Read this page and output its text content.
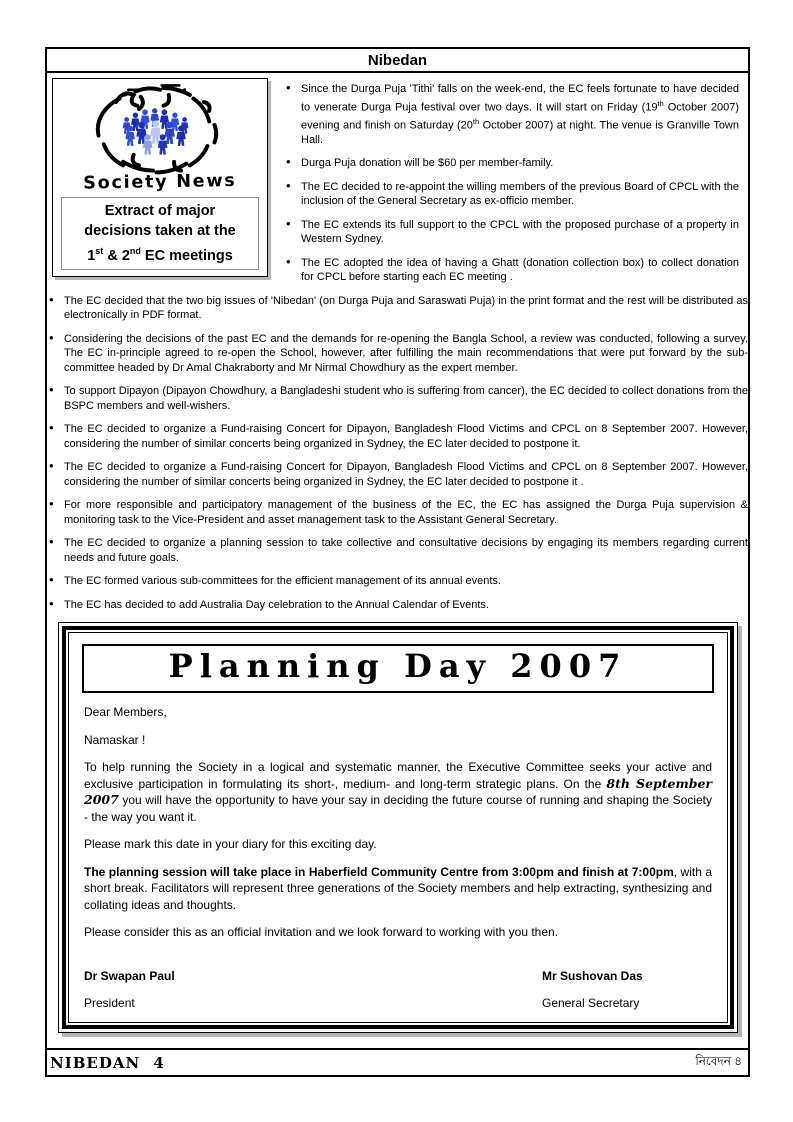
Nibedan
Society News
Extract of major
decisions taken at the
1st & 2nd EC meetings
• Since the Durga Puja 'Tithi' falls on the week-end, the EC feels fortunate to have decided to venerate Durga Puja festival over two days. It will start on Friday (19th October 2007) evening and finish on Saturday (20th October 2007) at night. The venue is Granville Town Hall.
• Durga Puja donation will be $60 per member-family.
• The EC decided to re-appoint the willing members of the previous Board of CPCL with the inclusion of the General Secretary as ex-officio member.
• The EC extends its full support to the CPCL with the proposed purchase of a property in Western Sydney.
• The EC adopted the idea of having a Ghatt (donation collection box) to collect donation for CPCL before starting each EC meeting .
• The EC decided that the two big issues of 'Nibedan' (on Durga Puja and Saraswati Puja) in the print format and the rest will be distributed as electronically in PDF format.
• Considering the decisions of the past EC and the demands for re-opening the Bangla School, a review was conducted, following a survey. The EC in-principle agreed to re-open the School, however, after fulfilling the main recommendations that were put forward by the sub-committee headed by Dr Amal Chakraborty and Mr Nirmal Chowdhury as the expert member.
• To support Dipayon (Dipayon Chowdhury, a Bangladeshi student who is suffering from cancer), the EC decided to collect donations from the BSPC members and well-wishers.
• The EC decided to organize a Fund-raising Concert for Dipayon, Bangladesh Flood Victims and CPCL on 8 September 2007. However, considering the number of similar concerts being organized in Sydney, the EC later decided to postpone it.
• The EC decided to organize a Fund-raising Concert for Dipayon, Bangladesh Flood Victims and CPCL on 8 September 2007. However, considering the number of similar concerts being organized in Sydney, the EC later decided to postpone it .
• For more responsible and participatory management of the business of the EC, the EC has assigned the Durga Puja supervision & monitoring task to the Vice-President and asset management task to the Assistant General Secretary.
• The EC decided to organize a planning session to take collective and consultative decisions by engaging its members regarding current needs and future goals.
• The EC formed various sub-committees for the efficient management of its annual events.
• The EC has decided to add Australia Day celebration to the Annual Calendar of Events.
Planning Day 2007

Dear Members,

Namaskar !

To help running the Society in a logical and systematic manner, the Executive Committee seeks your active and exclusive participation in formulating its short-, medium- and long-term strategic plans. On the 8th September 2007 you will have the opportunity to have your say in deciding the future course of running and shaping the Society - the way you want it.

Please mark this date in your diary for this exciting day.

The planning session will take place in Haberfield Community Centre from 3:00pm and finish at 7:00pm, with a short break. Facilitators will represent three generations of the Society members and help extracting, synthesizing and collating ideas and thoughts.

Please consider this as an official invitation and we look forward to working with you then.

Dr Swapan Paul
President
Mr Sushovan Das
General Secretary
NIBEDAN 4	নিবেদন ৪
